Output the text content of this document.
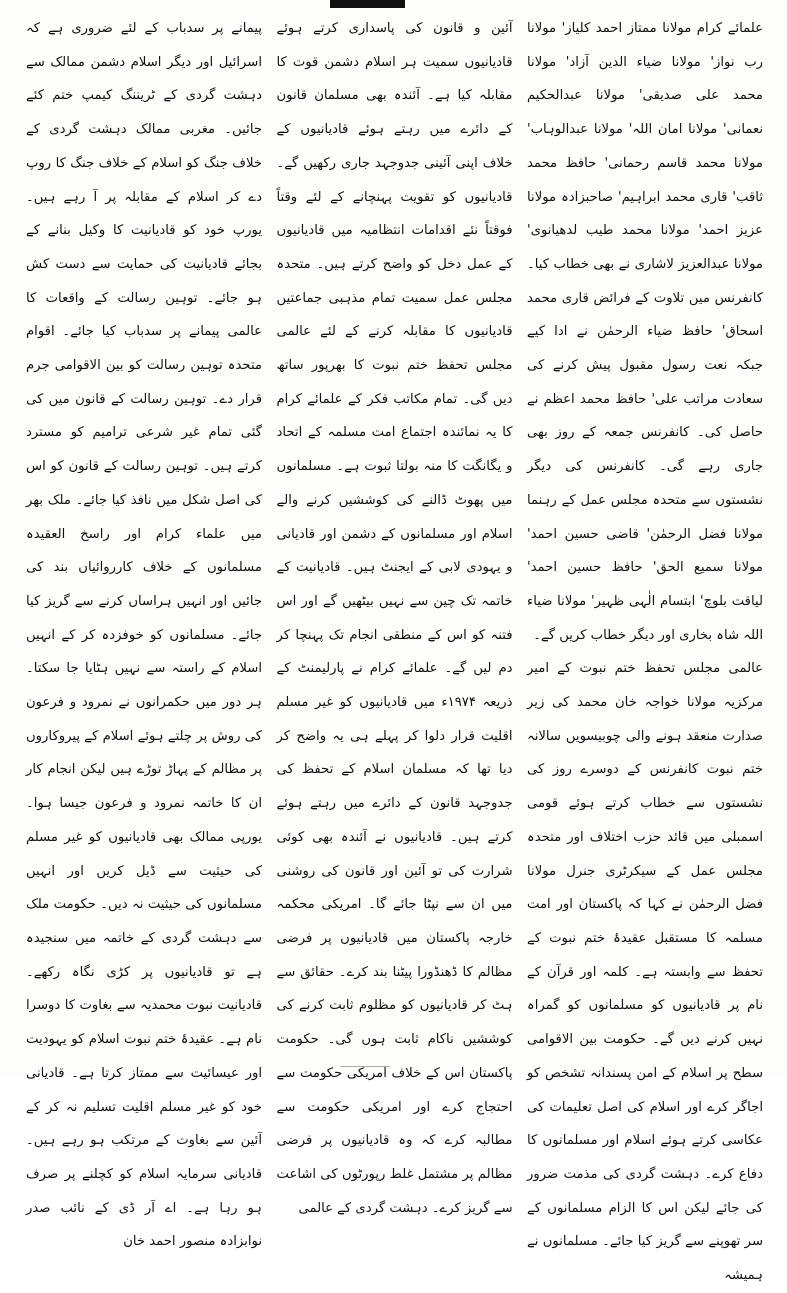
علمائے کرام مولانا ممتاز احمد کلیاز' مولانا رب نواز' مولانا ضیاء الدین آزاد' مولانا محمد علی صدیقی' مولانا عبدالحکیم نعمانی' مولانا امان اللہ' مولانا عبدالوہاب' مولانا محمد قاسم رحمانی' حافظ محمد ثاقب' قاری محمد ابراہیم' صاحبزادہ مولانا عزیز احمد' مولانا محمد طیب لدھیانوی' مولانا عبدالعزیز لاشاری نے بھی خطاب کیا۔ کانفرنس میں تلاوت کے فرائض قاری محمد اسحاق' حافظ ضیاء الرحمٰن نے ادا کیے جبکہ نعت رسول مقبول پیش کرنے کی سعادت مراتب علی' حافظ محمد اعظم نے حاصل کی۔ کانفرنس جمعہ کے روز بھی جاری رہے گی۔ کانفرنس کی دیگر نشستوں سے متحدہ مجلس عمل کے رہنما مولانا فضل الرحمٰن' قاضی حسین احمد' مولانا سمیع الحق' حافظ حسین احمد' لیاقت بلوچ' ابتسام الٰہی ظہیر' مولانا ضیاء اللہ شاہ بخاری اور دیگر خطاب کریں گے۔

عالمی مجلس تحفظ ختم نبوت کے امیر مرکزیہ مولانا خواجہ خان محمد کی زیر صدارت منعقد ہونے والی چوبیسویں سالانہ ختم نبوت کانفرنس کے دوسرے روز کی نشستوں سے خطاب کرتے ہوئے قومی اسمبلی میں قائد حزب اختلاف اور متحدہ مجلس عمل کے سیکرٹری جنرل مولانا فضل الرحمٰن نے کہا کہ پاکستان اور امت مسلمہ کا مستقبل عقیدۂ ختم نبوت کے تحفظ سے وابستہ ہے۔ کلمہ اور قرآن کے نام پر قادیانیوں کو مسلمانوں کو گمراہ نہیں کرنے دیں گے۔ حکومت بین الاقوامی سطح پر اسلام کے امن پسندانہ تشخص کو اجاگر کرے اور اسلام کی اصل تعلیمات کی عکاسی کرتے ہوئے اسلام اور مسلمانوں کا دفاع کرے۔ دہشت گردی کی مذمت ضرور کی جائے لیکن اس کا الزام مسلمانوں کے سر تھوپنے سے گریز کیا جائے۔ مسلمانوں نے ہمیشہ

آئین و قانون کی پاسداری کرتے ہوئے قادیانیوں سمیت ہر اسلام دشمن قوت کا مقابلہ کیا ہے۔ آئندہ بھی مسلمان قانون کے دائرے میں رہتے ہوئے قادیانیوں کے خلاف اپنی آئینی جدوجہد جاری رکھیں گے۔ قادیانیوں کو تقویت پہنچانے کے لئے وقتاً فوقتاً نئے اقدامات انتظامیہ میں قادیانیوں کے عمل دخل کو واضح کرتے ہیں۔ متحدہ مجلس عمل سمیت تمام مذہبی جماعتیں قادیانیوں کا مقابلہ کرنے کے لئے عالمی مجلس تحفظ ختم نبوت کا بھرپور ساتھ دیں گی۔ تمام مکاتب فکر کے علمائے کرام کا یہ نمائندہ اجتماع امت مسلمہ کے اتحاد و یگانگت کا منہ بولتا ثبوت ہے۔ مسلمانوں میں پھوٹ ڈالنے کی کوششیں کرنے والے اسلام اور مسلمانوں کے دشمن اور قادیانی و یہودی لابی کے ایجنٹ ہیں۔ قادیانیت کے خاتمہ تک چین سے نہیں بیٹھیں گے اور اس فتنہ کو اس کے منطقی انجام تک پہنچا کر دم لیں گے۔ علمائے کرام نے پارلیمنٹ کے ذریعہ ۱۹۷۴ء میں قادیانیوں کو غیر مسلم اقلیت قرار دلوا کر پہلے ہی یہ واضح کر دیا تھا کہ مسلمان اسلام کے تحفظ کی جدوجہد قانون کے دائرے میں رہتے ہوئے کرتے ہیں۔ قادیانیوں نے آئندہ بھی کوئی شرارت کی تو آئین اور قانون کی روشنی میں ان سے نپٹا جائے گا۔ امریکی محکمہ خارجہ پاکستان میں قادیانیوں پر فرضی مظالم کا ڈھنڈورا پیٹنا بند کرے۔ حقائق سے ہٹ کر قادیانیوں کو مظلوم ثابت کرنے کی کوششیں ناکام ثابت ہوں گی۔ حکومت پاکستان اس کے خلاف امریکی حکومت سے احتجاج کرے اور امریکی حکومت سے مطالبہ کرے کہ وہ قادیانیوں پر فرضی مظالم پر مشتمل غلط رپورٹوں کی اشاعت سے گریز کرے۔ دہشت گردی کے عالمی

پیمانے پر سدباب کے لئے ضروری ہے کہ اسرائیل اور دیگر اسلام دشمن ممالک سے دہشت گردی کے ٹریننگ کیمپ ختم کئے جائیں۔ مغربی ممالک دہشت گردی کے خلاف جنگ کو اسلام کے خلاف جنگ کا روپ دے کر اسلام کے مقابلہ پر آ رہے ہیں۔ یورپ خود کو قادیانیت کا وکیل بنانے کے بجائے قادیانیت کی حمایت سے دست کش ہو جائے۔ توہین رسالت کے واقعات کا عالمی پیمانے پر سدباب کیا جائے۔ اقوام متحدہ توہین رسالت کو بین الاقوامی جرم قرار دے۔ توہین رسالت کے قانون میں کی گئی تمام غیر شرعی ترامیم کو مسترد کرتے ہیں۔ توہین رسالت کے قانون کو اس کی اصل شکل میں نافذ کیا جائے۔ ملک بھر میں علماء کرام اور راسخ العقیدہ مسلمانوں کے خلاف کارروائیاں بند کی جائیں اور انہیں ہراساں کرنے سے گریز کیا جائے۔ مسلمانوں کو خوفزدہ کر کے انہیں اسلام کے راستہ سے نہیں ہٹایا جا سکتا۔ ہر دور میں حکمرانوں نے نمرود و فرعون کی روش پر چلتے ہوئے اسلام کے پیروکاروں پر مظالم کے پہاڑ توڑے ہیں لیکن انجام کار ان کا خاتمہ نمرود و فرعون جیسا ہوا۔ یورپی ممالک بھی قادیانیوں کو غیر مسلم کی حیثیت سے ڈیل کریں اور انہیں مسلمانوں کی حیثیت نہ دیں۔ حکومت ملک سے دہشت گردی کے خاتمہ میں سنجیدہ ہے تو قادیانیوں پر کڑی نگاہ رکھے۔ قادیانیت نبوت محمدیہ سے بغاوت کا دوسرا نام ہے۔ عقیدۂ ختم نبوت اسلام کو یہودیت اور عیسائیت سے ممتاز کرتا ہے۔ قادیانی خود کو غیر مسلم اقلیت تسلیم نہ کر کے آئین سے بغاوت کے مرتکب ہو رہے ہیں۔ قادیانی سرمایہ اسلام کو کچلنے پر صرف ہو رہا ہے۔ اے آر ڈی کے نائب صدر نوابزادہ منصور احمد خان
